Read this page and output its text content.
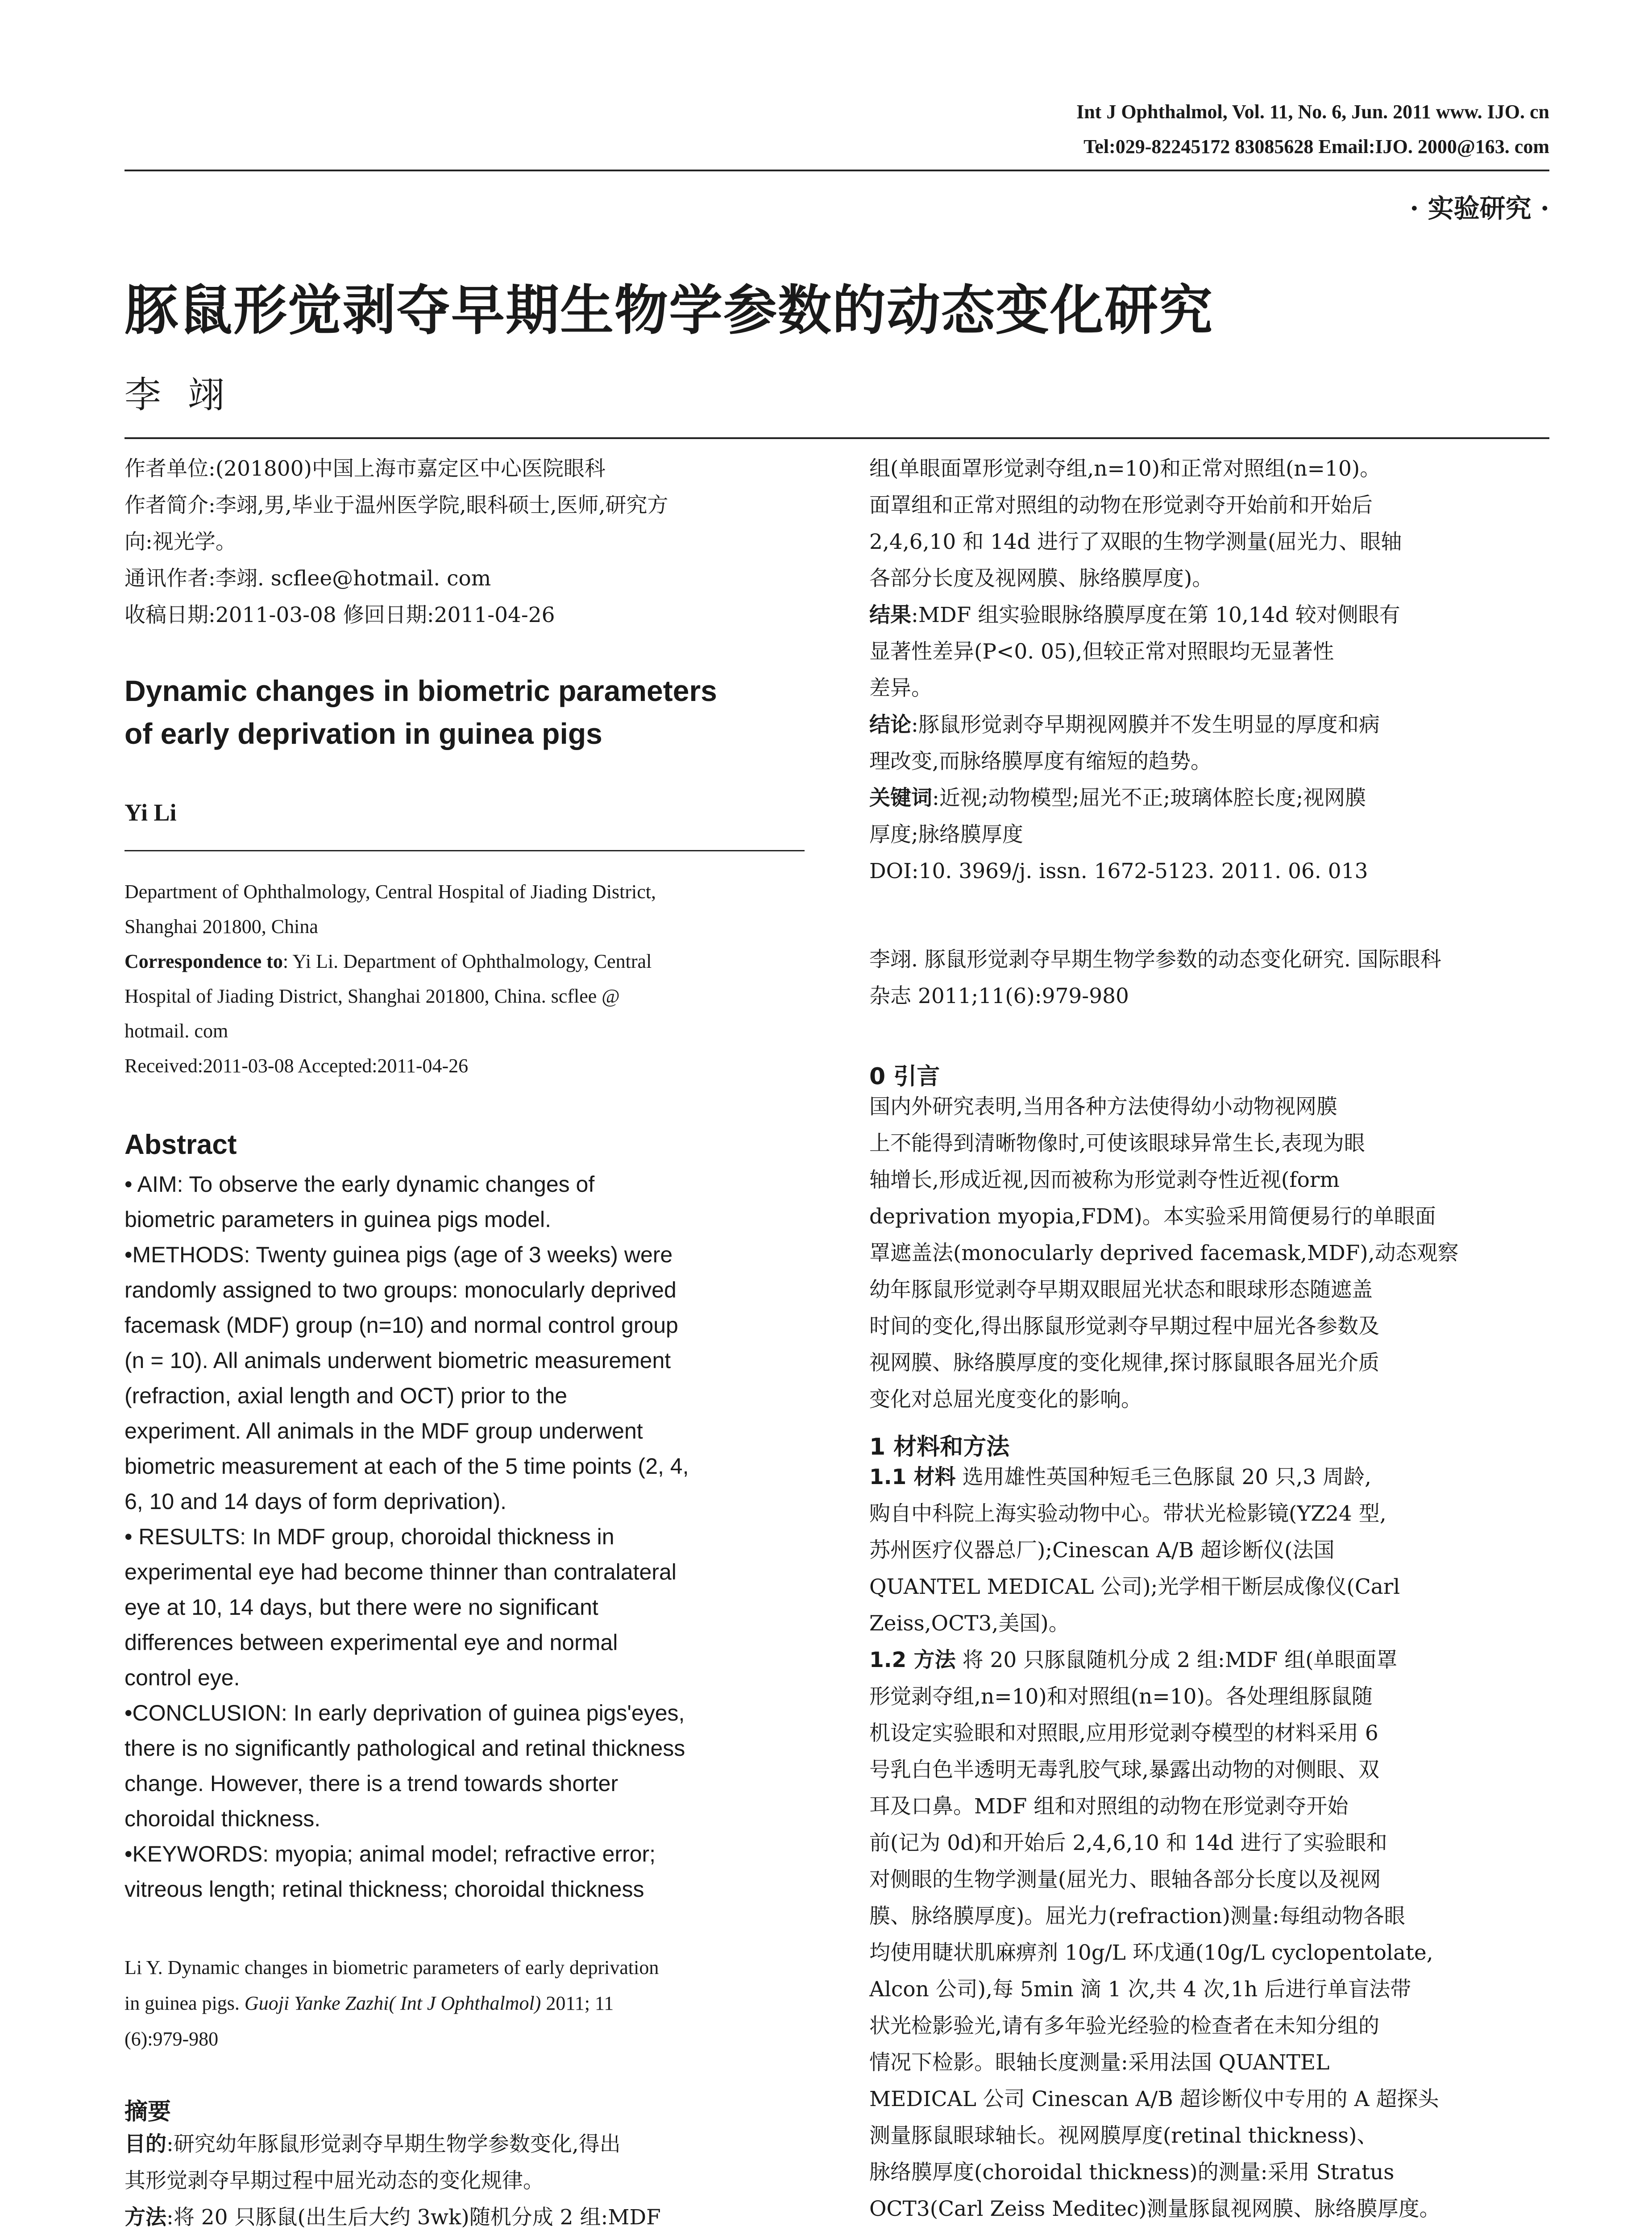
Int J Ophthalmol, Vol. 11, No. 6, Jun. 2011 www. IJO. cn
Tel:029-82245172 83085628 Email:IJO. 2000@163. com
· 实验研究 ·
豚鼠形觉剥夺早期生物学参数的动态变化研究
李翊
作者单位:(201800)中国上海市嘉定区中心医院眼科
作者简介:李翊,男,毕业于温州医学院,眼科硕士,医师,研究方
向:视光学。
通讯作者:李翊. scflee@hotmail. com
收稿日期:2011-03-08 修回日期:2011-04-26
Dynamic changes in biometric parameters
of early deprivation in guinea pigs
Yi Li
Department of Ophthalmology, Central Hospital of Jiading District,
Shanghai 201800, China
Correspondence to: Yi Li. Department of Ophthalmology, Central
Hospital of Jiading District, Shanghai 201800, China. scflee @
hotmail. com
Received:2011-03-08 Accepted:2011-04-26
Abstract
• AIM: To observe the early dynamic changes of
biometric parameters in guinea pigs model.
•METHODS: Twenty guinea pigs (age of 3 weeks) were
randomly assigned to two groups: monocularly deprived
facemask (MDF) group (n=10) and normal control group
(n = 10). All animals underwent biometric measurement
(refraction, axial length and OCT) prior to the
experiment. All animals in the MDF group underwent
biometric measurement at each of the 5 time points (2, 4,
6, 10 and 14 days of form deprivation).
• RESULTS: In MDF group, choroidal thickness in
experimental eye had become thinner than contralateral
eye at 10, 14 days, but there were no significant
differences between experimental eye and normal
control eye.
•CONCLUSION: In early deprivation of guinea pigs'eyes,
there is no significantly pathological and retinal thickness
change. However, there is a trend towards shorter
choroidal thickness.
•KEYWORDS: myopia; animal model; refractive error;
vitreous length; retinal thickness; choroidal thickness
Li Y. Dynamic changes in biometric parameters of early deprivation
in guinea pigs. Guoji Yanke Zazhi( Int J Ophthalmol) 2011; 11
(6):979-980
摘要
目的:研究幼年豚鼠形觉剥夺早期生物学参数变化,得出
其形觉剥夺早期过程中屈光动态的变化规律。
方法:将 20 只豚鼠(出生后大约 3wk)随机分成 2 组:MDF
组(单眼面罩形觉剥夺组,n=10)和正常对照组(n=10)。
面罩组和正常对照组的动物在形觉剥夺开始前和开始后
2,4,6,10 和 14d 进行了双眼的生物学测量(屈光力、眼轴
各部分长度及视网膜、脉络膜厚度)。
结果:MDF 组实验眼脉络膜厚度在第 10,14d 较对侧眼有
显著性差异(P<0. 05),但较正常对照眼均无显著性
差异。
结论:豚鼠形觉剥夺早期视网膜并不发生明显的厚度和病
理改变,而脉络膜厚度有缩短的趋势。
关键词:近视;动物模型;屈光不正;玻璃体腔长度;视网膜
厚度;脉络膜厚度
DOI:10. 3969/j. issn. 1672-5123. 2011. 06. 013
李翊. 豚鼠形觉剥夺早期生物学参数的动态变化研究. 国际眼科
杂志 2011;11(6):979-980
0 引言
国内外研究表明,当用各种方法使得幼小动物视网膜
上不能得到清晰物像时,可使该眼球异常生长,表现为眼
轴增长,形成近视,因而被称为形觉剥夺性近视(form
deprivation myopia,FDM)。本实验采用简便易行的单眼面
罩遮盖法(monocularly deprived facemask,MDF),动态观察
幼年豚鼠形觉剥夺早期双眼屈光状态和眼球形态随遮盖
时间的变化,得出豚鼠形觉剥夺早期过程中屈光各参数及
视网膜、脉络膜厚度的变化规律,探讨豚鼠眼各屈光介质
变化对总屈光度变化的影响。
1 材料和方法
1.1 材料 选用雄性英国种短毛三色豚鼠 20 只,3 周龄,
购自中科院上海实验动物中心。带状光检影镜(YZ24 型,
苏州医疗仪器总厂);Cinescan A/B 超诊断仪(法国
QUANTEL MEDICAL 公司);光学相干断层成像仪(Carl
Zeiss,OCT3,美国)。
1.2 方法 将 20 只豚鼠随机分成 2 组:MDF 组(单眼面罩
形觉剥夺组,n=10)和对照组(n=10)。各处理组豚鼠随
机设定实验眼和对照眼,应用形觉剥夺模型的材料采用 6
号乳白色半透明无毒乳胶气球,暴露出动物的对侧眼、双
耳及口鼻。MDF 组和对照组的动物在形觉剥夺开始
前(记为 0d)和开始后 2,4,6,10 和 14d 进行了实验眼和
对侧眼的生物学测量(屈光力、眼轴各部分长度以及视网
膜、脉络膜厚度)。屈光力(refraction)测量:每组动物各眼
均使用睫状肌麻痹剂 10g/L 环戊通(10g/L cyclopentolate,
Alcon 公司),每 5min 滴 1 次,共 4 次,1h 后进行单盲法带
状光检影验光,请有多年验光经验的检查者在未知分组的
情况下检影。眼轴长度测量:采用法国 QUANTEL
MEDICAL 公司 Cinescan A/B 超诊断仪中专用的 A 超探头
测量豚鼠眼球轴长。视网膜厚度(retinal thickness)、
脉络膜厚度(choroidal thickness)的测量:采用 Stratus
OCT3(Carl Zeiss Meditec)测量豚鼠视网膜、脉络膜厚度。
